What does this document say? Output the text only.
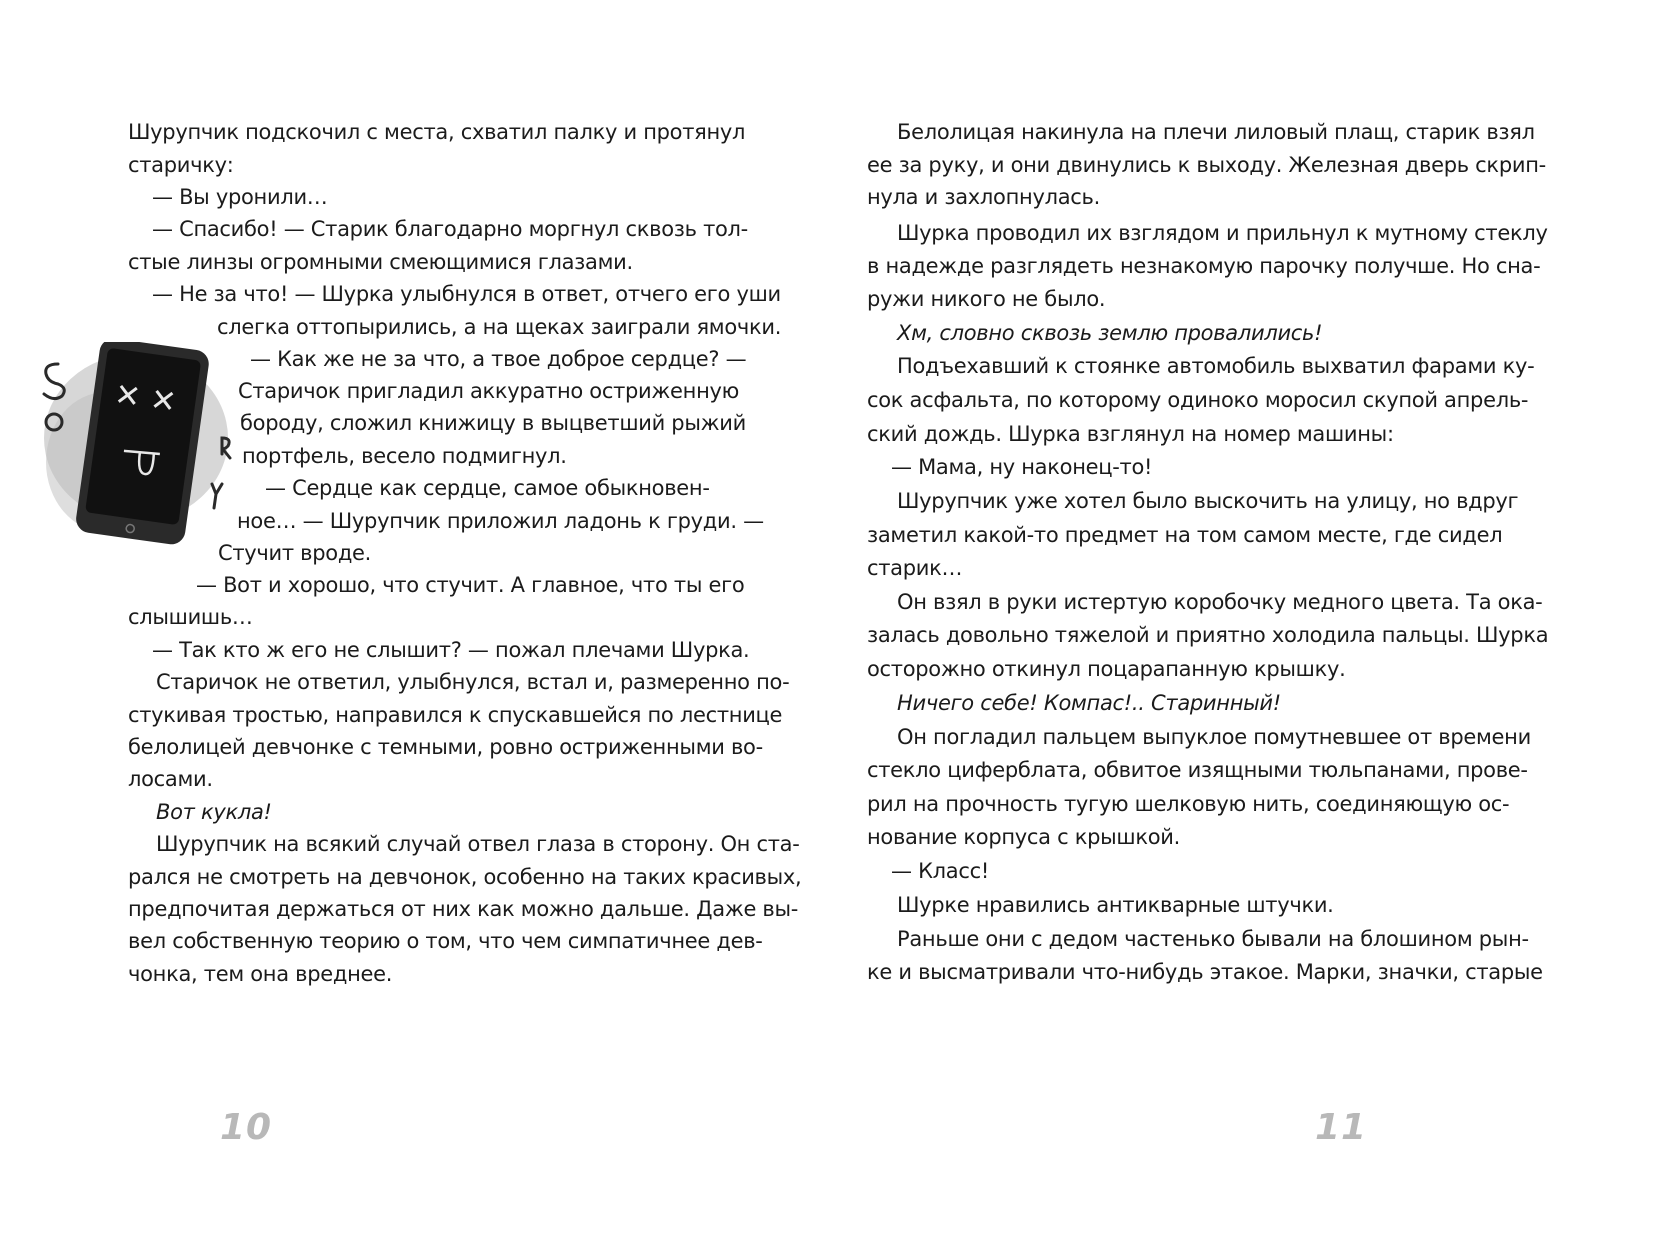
Шурупчик подскочил с места, схватил палку и протянул
старичку:
— Вы уронили…
— Спасибо! — Старик благодарно моргнул сквозь тол-
стые линзы огромными смеющимися глазами.
— Не за что! — Шурка улыбнулся в ответ, отчего его уши
слегка оттопырились, а на щеках заиграли ямочки.
— Как же не за что, а твое доброе сердце? —
Старичок пригладил аккуратно остриженную
бороду, сложил книжицу в выцветший рыжий
портфель, весело подмигнул.
— Сердце как сердце, самое обыкновен-
ное… — Шурупчик приложил ладонь к груди. —
Стучит вроде.
— Вот и хорошо, что стучит. А главное, что ты его
слышишь…
— Так кто ж его не слышит? — пожал плечами Шурка.
Старичок не ответил, улыбнулся, встал и, размеренно по-
стукивая тростью, направился к спускавшейся по лестнице
белолицей девчонке с темными, ровно остриженными во-
лосами.
Вот кукла!
Шурупчик на всякий случай отвел глаза в сторону. Он ста-
рался не смотреть на девчонок, особенно на таких красивых,
предпочитая держаться от них как можно дальше. Даже вы-
вел собственную теорию о том, что чем симпатичнее дев-
чонка, тем она вреднее.
10
Белолицая накинула на плечи лиловый плащ, старик взял
ее за руку, и они двинулись к выходу. Железная дверь скрип-
нула и захлопнулась.
Шурка проводил их взглядом и прильнул к мутному стеклу
в надежде разглядеть незнакомую парочку получше. Но сна-
ружи никого не было.
Хм, словно сквозь землю провалились!
Подъехавший к стоянке автомобиль выхватил фарами ку-
сок асфальта, по которому одиноко моросил скупой апрель-
ский дождь. Шурка взглянул на номер машины:
— Мама, ну наконец-то!
Шурупчик уже хотел было выскочить на улицу, но вдруг
заметил какой-то предмет на том самом месте, где сидел
старик…
Он взял в руки истертую коробочку медного цвета. Та ока-
залась довольно тяжелой и приятно холодила пальцы. Шурка
осторожно откинул поцарапанную крышку.
Ничего себе! Компас!.. Старинный!
Он погладил пальцем выпуклое помутневшее от времени
стекло циферблата, обвитое изящными тюльпанами, прове-
рил на прочность тугую шелковую нить, соединяющую ос-
нование корпуса с крышкой.
— Класс!
Шурке нравились антикварные штучки.
Раньше они с дедом частенько бывали на блошином рын-
ке и высматривали что-нибудь этакое. Марки, значки, старые
11
